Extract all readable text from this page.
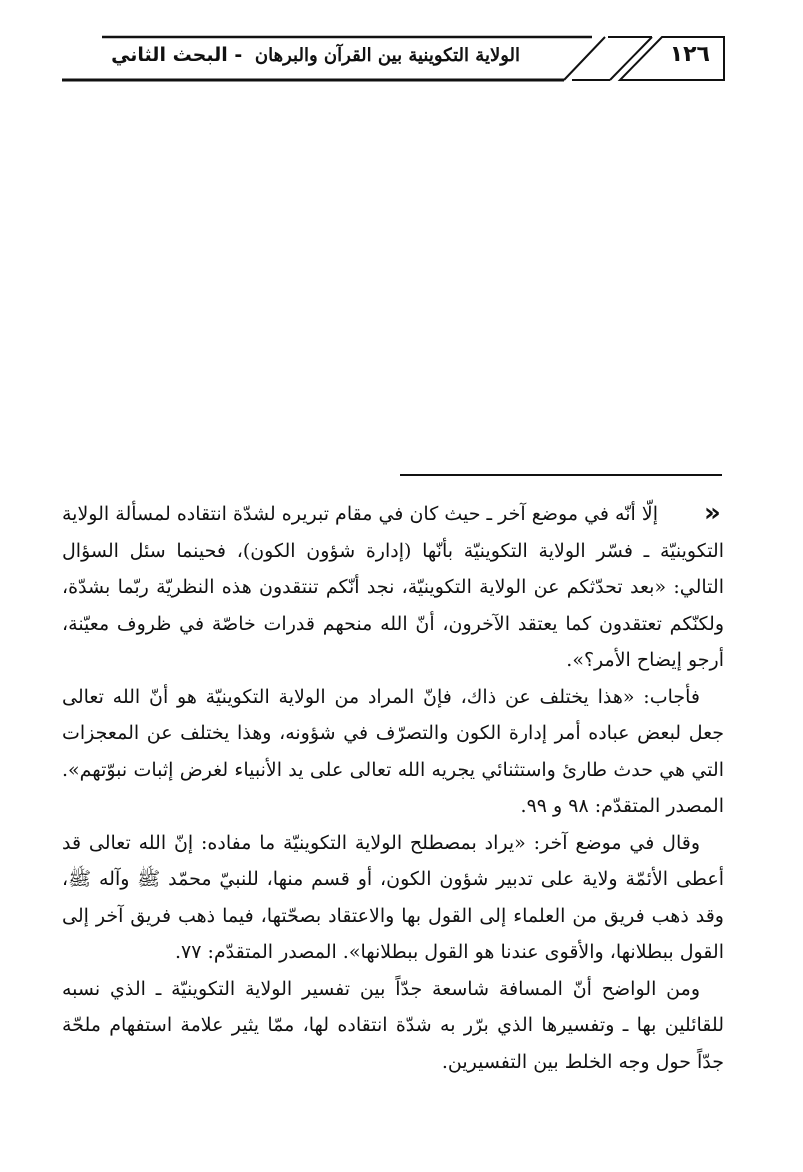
١٢٦
الولاية التكوينية بين القرآن والبرهان - البحث الثاني
»

إلّا أنّه في موضع آخر ـ حيث كان في مقام تبريره لشدّة انتقاده لمسألة الولاية التكوينيّة ـ فسّر الولاية التكوينيّة بأنّها (إدارة شؤون الكون)، فحينما سئل السؤال التالي: «بعد تحدّثكم عن الولاية التكوينيّة، نجد أنّكم تنتقدون هذه النظريّة ربّما بشدّة، ولكنّكم تعتقدون كما يعتقد الآخرون، أنّ الله منحهم قدرات خاصّة في ظروف معيّنة، أرجو إيضاح الأمر؟».

فأجاب: «هذا يختلف عن ذاك، فإنّ المراد من الولاية التكوينيّة هو أنّ الله تعالى جعل لبعض عباده أمر إدارة الكون والتصرّف في شؤونه، وهذا يختلف عن المعجزات التي هي حدث طارئ واستثنائي يجريه الله تعالى على يد الأنبياء لغرض إثبات نبوّتهم». المصدر المتقدّم: ٩٨ و ٩٩.

وقال في موضع آخر: «يراد بمصطلح الولاية التكوينيّة ما مفاده: إنّ الله تعالى قد أعطى الأئمّة ولاية على تدبير شؤون الكون، أو قسم منها، للنبيّ محمّد ﷺ وآله ﷺ، وقد ذهب فريق من العلماء إلى القول بها والاعتقاد بصحّتها، فيما ذهب فريق آخر إلى القول ببطلانها، والأقوى عندنا هو القول ببطلانها». المصدر المتقدّم: ٧٧.

ومن الواضح أنّ المسافة شاسعة جدّاً بين تفسير الولاية التكوينيّة ـ الذي نسبه للقائلين بها ـ وتفسيرها الذي برّر به شدّة انتقاده لها، ممّا يثير علامة استفهام ملحّة جدّاً حول وجه الخلط بين التفسيرين.
